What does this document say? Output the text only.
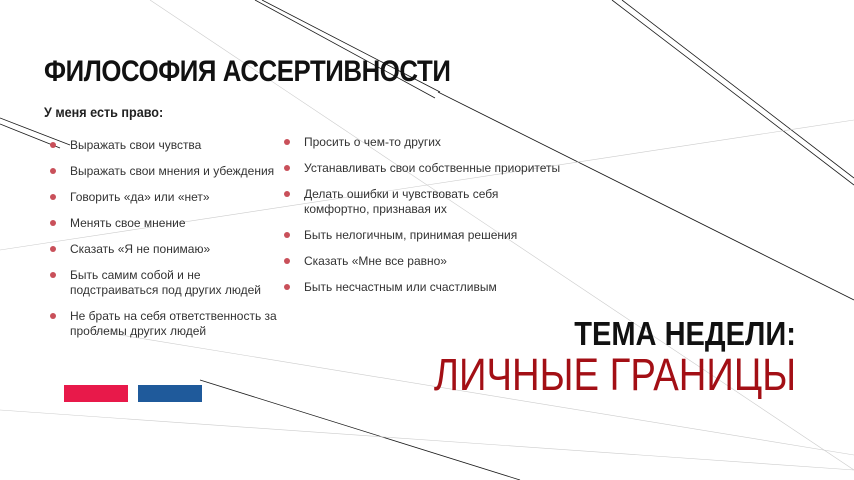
ФИЛОСОФИЯ АССЕРТИВНОСТИ
У меня есть право:
Выражать свои чувства
Выражать свои мнения и убеждения
Говорить «да» или «нет»
Менять свое мнение
Сказать «Я не понимаю»
Быть самим собой и не подстраиваться под других людей
Не брать на себя ответственность за проблемы других людей
Просить о чем-то других
Устанавливать свои собственные приоритеты
Делать ошибки и чувствовать себя комфортно, признавая их
Быть нелогичным, принимая решения
Сказать «Мне все равно»
Быть несчастным или счастливым
ТЕМА НЕДЕЛИ:
ЛИЧНЫЕ ГРАНИЦЫ
